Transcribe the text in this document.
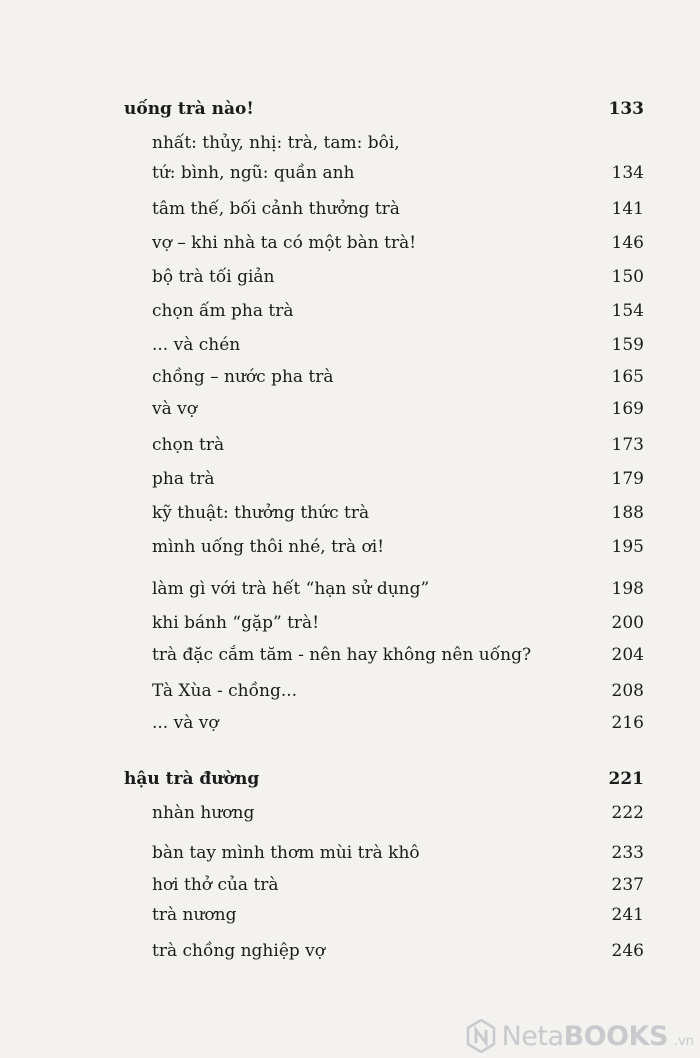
uống trà nào!	133
nhất: thủy, nhị: trà, tam: bôi,
tứ: bình, ngũ: quần anh	134
tâm thế, bối cảnh thưởng trà	141
vợ – khi nhà ta có một bàn trà!	146
bộ trà tối giản	150
chọn ấm pha trà	154
... và chén	159
chồng – nước pha trà	165
và vợ	169
chọn trà	173
pha trà	179
kỹ thuật: thưởng thức trà	188
mình uống thôi nhé, trà ơi!	195
làm gì với trà hết “hạn sử dụng”	198
khi bánh “gặp” trà!	200
trà đặc cắm tăm - nên hay không nên uống?	204
Tà Xùa - chồng...	208
... và vợ	216
hậu trà đường	221
nhàn hương	222
bàn tay mình thơm mùi trà khô	233
hơi thở của trà	237
trà nương	241
trà chồng nghiệp vợ	246
NetaBOOKS .vn
